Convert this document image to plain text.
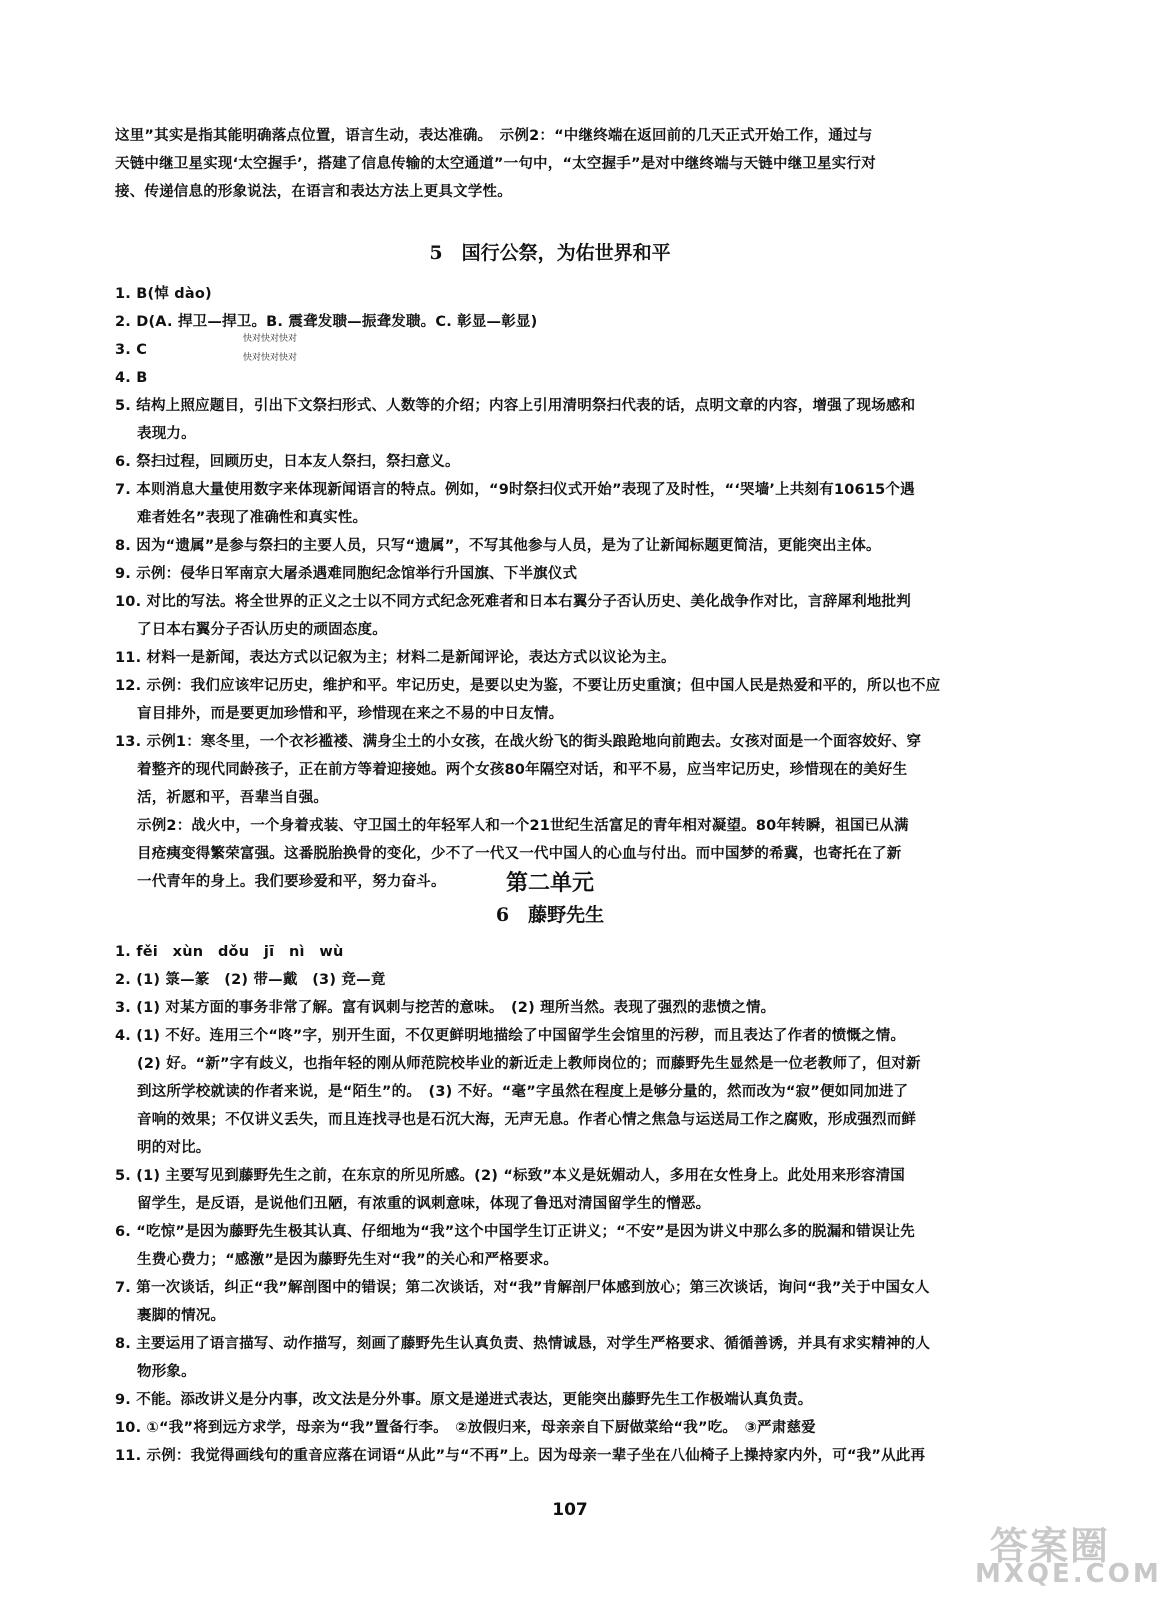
这里”其实是指其能明确落点位置，语言生动，表达准确。　示例2：“中继终端在返回前的几天正式开始工作，通过与

天链中继卫星实现‘太空握手’，搭建了信息传输的太空通道”一句中，“太空握手”是对中继终端与天链中继卫星实行对

接、传递信息的形象说法，在语言和表达方法上更具文学性。

5　国行公祭，为佑世界和平

1. B(悼 dào)

2. D(A. 捍卫—捍卫。B. 震聋发聩—振聋发聩。C. 彰显—彰显)

3. C

4. B

5. 结构上照应题目，引出下文祭扫形式、人数等的介绍；内容上引用清明祭扫代表的话，点明文章的内容，增强了现场感和

表现力。

6. 祭扫过程，回顾历史，日本友人祭扫，祭扫意义。

7. 本则消息大量使用数字来体现新闻语言的特点。例如，“9时祭扫仪式开始”表现了及时性，“‘哭墙’上共刻有10615个遇

难者姓名”表现了准确性和真实性。

8. 因为“遗属”是参与祭扫的主要人员，只写“遗属”，不写其他参与人员，是为了让新闻标题更简洁，更能突出主体。

9. 示例：侵华日军南京大屠杀遇难同胞纪念馆举行升国旗、下半旗仪式

10. 对比的写法。将全世界的正义之士以不同方式纪念死难者和日本右翼分子否认历史、美化战争作对比，言辞犀利地批判

了日本右翼分子否认历史的顽固态度。

11. 材料一是新闻，表达方式以记叙为主；材料二是新闻评论，表达方式以议论为主。

12. 示例：我们应该牢记历史，维护和平。牢记历史，是要以史为鉴，不要让历史重演；但中国人民是热爱和平的，所以也不应

盲目排外，而是要更加珍惜和平，珍惜现在来之不易的中日友情。

13. 示例1：寒冬里，一个衣衫褴褛、满身尘土的小女孩，在战火纷飞的街头踉跄地向前跑去。女孩对面是一个面容姣好、穿

着整齐的现代同龄孩子，正在前方等着迎接她。两个女孩80年隔空对话，和平不易，应当牢记历史，珍惜现在的美好生

活，祈愿和平，吾辈当自强。

示例2：战火中，一个身着戎装、守卫国土的年轻军人和一个21世纪生活富足的青年相对凝望。80年转瞬，祖国已从满

目疮痍变得繁荣富强。这番脱胎换骨的变化，少不了一代又一代中国人的心血与付出。而中国梦的希冀，也寄托在了新

一代青年的身上。我们要珍爱和平，努力奋斗。

快对快对快对
快对快对快对
第二单元
6　藤野先生

1. fěi　xùn　dǒu　jī　nì　wù

2. (1) 箓—篆　(2) 带—戴　(3) 竞—竟

3. (1) 对某方面的事务非常了解。富有讽刺与挖苦的意味。　(2) 理所当然。表现了强烈的悲愤之情。

4. (1) 不好。连用三个“咚”字，别开生面，不仅更鲜明地描绘了中国留学生会馆里的污秽，而且表达了作者的愤慨之情。

(2) 好。“新”字有歧义，也指年轻的刚从师范院校毕业的新近走上教师岗位的；而藤野先生显然是一位老教师了，但对新

到这所学校就读的作者来说，是“陌生”的。　(3) 不好。“毫”字虽然在程度上是够分量的，然而改为“寂”便如同加进了

音响的效果；不仅讲义丢失，而且连找寻也是石沉大海，无声无息。作者心情之焦急与运送局工作之腐败，形成强烈而鲜

明的对比。

5. (1) 主要写见到藤野先生之前，在东京的所见所感。(2) “标致”本义是妩媚动人，多用在女性身上。此处用来形容清国

留学生，是反语，是说他们丑陋，有浓重的讽刺意味，体现了鲁迅对清国留学生的憎恶。

6. “吃惊”是因为藤野先生极其认真、仔细地为“我”这个中国学生订正讲义；“不安”是因为讲义中那么多的脱漏和错误让先

生费心费力；“感激”是因为藤野先生对“我”的关心和严格要求。

7. 第一次谈话，纠正“我”解剖图中的错误；第二次谈话，对“我”肯解剖尸体感到放心；第三次谈话，询问“我”关于中国女人

裹脚的情况。

8. 主要运用了语言描写、动作描写，刻画了藤野先生认真负责、热情诚恳，对学生严格要求、循循善诱，并具有求实精神的人

物形象。

9. 不能。添改讲义是分内事，改文法是分外事。原文是递进式表达，更能突出藤野先生工作极端认真负责。

10. ①“我”将到远方求学，母亲为“我”置备行李。　②放假归来，母亲亲自下厨做菜给“我”吃。　③严肃慈爱

11. 示例：我觉得画线句的重音应落在词语“从此”与“不再”上。因为母亲一辈子坐在八仙椅子上操持家内外，可“我”从此再

107
答案圈
MXQE.COM
